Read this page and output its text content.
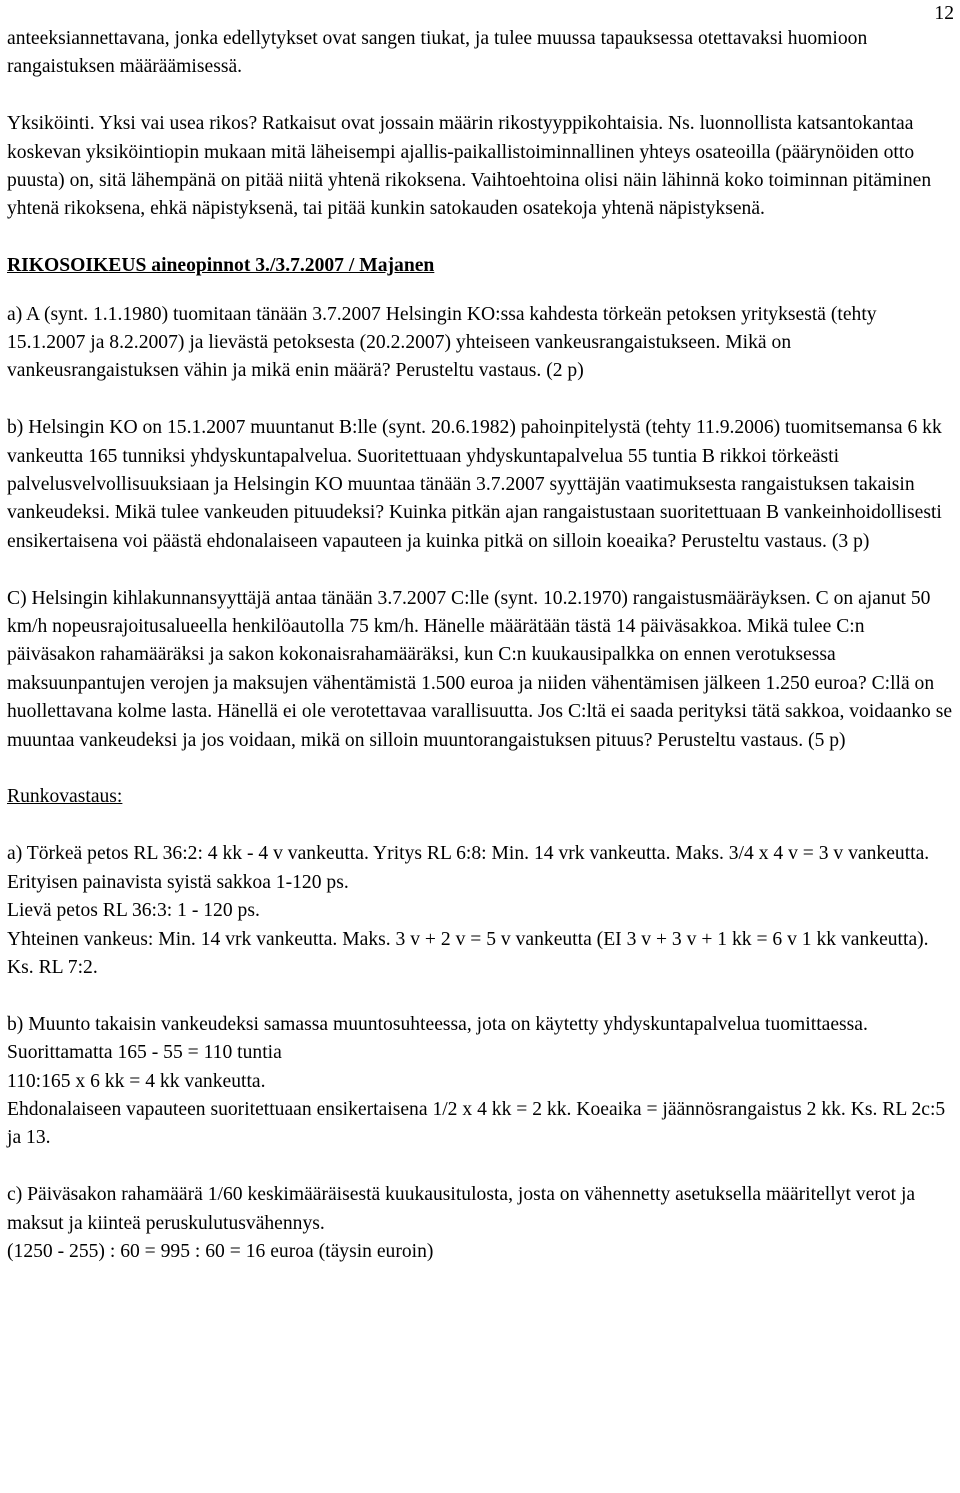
12

anteeksiannettavana, jonka edellytykset ovat sangen tiukat, ja tulee muussa tapauksessa otettavaksi huomioon rangaistuksen määräämisessä.

Yksiköinti. Yksi vai usea rikos? Ratkaisut ovat jossain määrin rikostyyppikohtaisia. Ns. luonnollista katsantokantaa koskevan yksiköintiopin mukaan mitä läheisempi ajallis-paikallistoiminnallinen yhteys osateoilla (päärynöiden otto puusta) on, sitä lähempänä on pitää niitä yhtenä rikoksena. Vaihtoehtoina olisi näin lähinnä koko toiminnan pitäminen yhtenä rikoksena, ehkä näpistyksenä, tai pitää kunkin satokauden osatekoja yhtenä näpistyksenä.

RIKOSOIKEUS aineopinnot 3./3.7.2007 / Majanen

a) A (synt. 1.1.1980) tuomitaan tänään 3.7.2007 Helsingin KO:ssa kahdesta törkeän petoksen yrityksestä (tehty 15.1.2007 ja 8.2.2007) ja lievästä petoksesta (20.2.2007) yhteiseen vankeusrangaistukseen. Mikä on vankeusrangaistuksen vähin ja mikä enin määrä? Perusteltu vastaus. (2 p)

b) Helsingin KO on 15.1.2007 muuntanut B:lle (synt. 20.6.1982) pahoinpitelystä (tehty 11.9.2006) tuomitsemansa 6 kk vankeutta 165 tunniksi yhdyskuntapalvelua. Suoritettuaan yhdyskuntapalvelua 55 tuntia B rikkoi törkeästi palvelusvelvollisuuksiaan ja Helsingin KO muuntaa tänään 3.7.2007 syyttäjän vaatimuksesta rangaistuksen takaisin vankeudeksi. Mikä tulee vankeuden pituudeksi? Kuinka pitkän ajan rangaistustaan suoritettuaan B vankeinhoidollisesti ensikertaisena voi päästä ehdonalaiseen vapauteen ja kuinka pitkä on silloin koeaika? Perusteltu vastaus. (3 p)

C) Helsingin kihlakunnansyyttäjä antaa tänään 3.7.2007 C:lle (synt. 10.2.1970) rangaistusmääräyksen. C on ajanut 50 km/h nopeusrajoitusalueella henkilöautolla 75 km/h. Hänelle määrätään tästä 14 päiväsakkoa. Mikä tulee C:n päiväsakon rahamääräksi ja sakon kokonaisrahamääräksi, kun C:n kuukausipalkka on ennen verotuksessa maksuunpantujen verojen ja maksujen vähentämistä 1.500 euroa ja niiden vähentämisen jälkeen 1.250 euroa? C:llä on huollettavana kolme lasta. Hänellä ei ole verotettavaa varallisuutta. Jos C:ltä ei saada perityksi tätä sakkoa, voidaanko se muuntaa vankeudeksi ja jos voidaan, mikä on silloin muuntorangaistuksen pituus? Perusteltu vastaus. (5 p)

Runkovastaus:

a) Törkeä petos RL 36:2: 4 kk - 4 v vankeutta. Yritys RL 6:8: Min. 14 vrk vankeutta. Maks. 3/4 x 4 v = 3 v vankeutta. Erityisen painavista syistä sakkoa 1-120 ps.
Lievä petos RL 36:3: 1 - 120 ps.
Yhteinen vankeus: Min. 14 vrk vankeutta. Maks. 3 v + 2 v = 5 v vankeutta (EI 3 v + 3 v + 1 kk = 6 v 1 kk vankeutta). Ks. RL 7:2.
b) Muunto takaisin vankeudeksi samassa muuntosuhteessa, jota on käytetty yhdyskuntapalvelua tuomittaessa.
Suorittamatta 165 - 55 = 110 tuntia
110:165 x 6 kk = 4 kk vankeutta.
Ehdonalaiseen vapauteen suoritettuaan ensikertaisena 1/2 x 4 kk = 2 kk. Koeaika = jäännösrangaistus 2 kk. Ks. RL 2c:5 ja 13.
c) Päiväsakon rahamäärä 1/60 keskimääräisestä kuukausitulosta, josta on vähennetty asetuksella määritellyt verot ja maksut ja kiinteä peruskulutusvähennys.
(1250 - 255) : 60 = 995 : 60 = 16 euroa (täysin euroin)
